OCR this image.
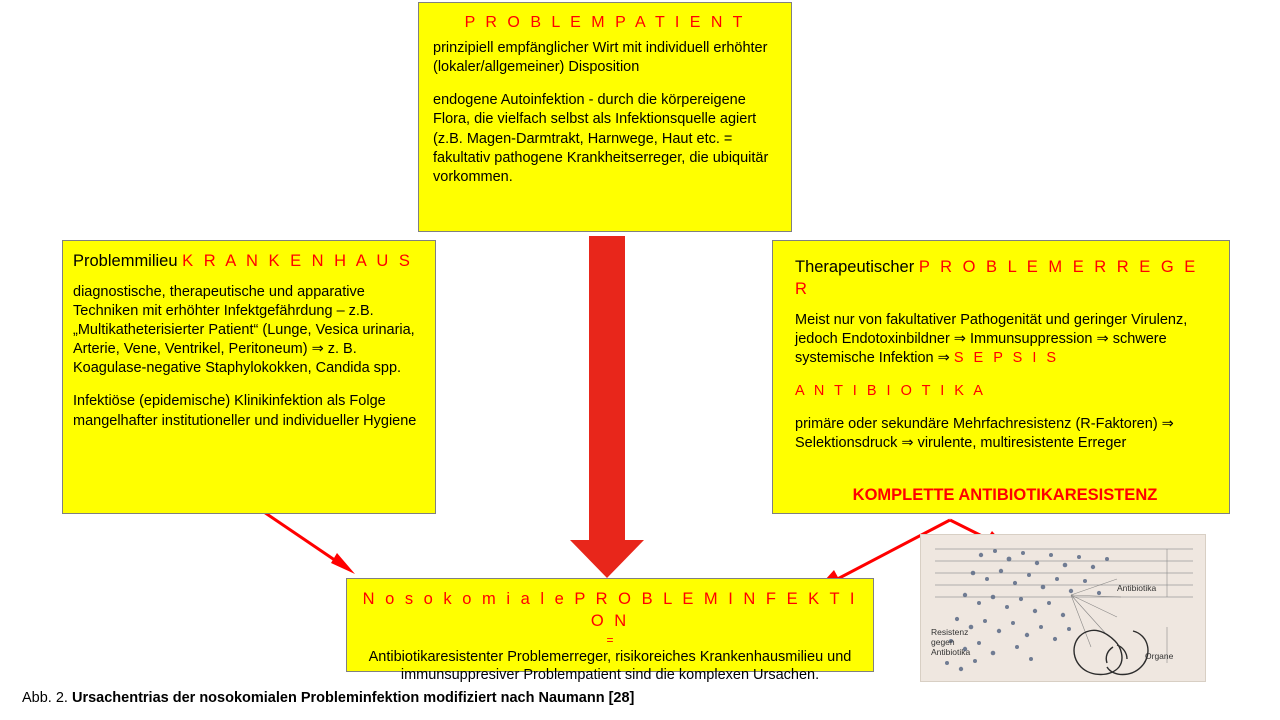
Antibiotika
Resistenz
gegen
Antibiotika	Organe
P R O B L E M P A T I E N T
prinzipiell empfänglicher Wirt mit individuell erhöhter (lokaler/allgemeiner) Disposition
endogene Autoinfektion - durch die körpereigene Flora, die vielfach selbst als Infektionsquelle agiert (z.B. Magen-Darmtrakt, Harnwege, Haut etc. = fakultativ pathogene Krankheitserreger, die ubiquitär vorkommen.
Problemmilieu K R A N K E N H A U S
diagnostische, therapeutische und apparative Techniken mit erhöhter Infektgefährdung – z.B. „Multikatheterisierter Patient“ (Lunge, Vesica urinaria, Arterie, Vene, Ventrikel, Peritoneum) ⇒ z. B. Koagulase-negative Staphylokokken, Candida spp.
Infektiöse (epidemische) Klinikinfektion als Folge mangelhafter institutioneller und individueller Hygiene
Therapeutischer P R O B L E M E R R E G E R
Meist nur von fakultativer Pathogenität und geringer Virulenz, jedoch Endotoxinbildner ⇒ Immunsuppression ⇒ schwere systemische Infektion ⇒ S E P S I S
A N T I B I O T I K A
primäre oder sekundäre Mehrfachresistenz (R-Faktoren) ⇒ Selektionsdruck ⇒ virulente, multiresistente Erreger
KOMPLETTE ANTIBIOTIKARESISTENZ
N o s o k o m i a l e P R O B L E M I N F E K T I O N
=
Antibiotikaresistenter Problemerreger, risikoreiches Krankenhausmilieu und immunsuppresiver Problempatient sind die komplexen Ursachen.
Abb. 2. Ursachentrias der nosokomialen Probleminfektion modifiziert nach Naumann [28]
